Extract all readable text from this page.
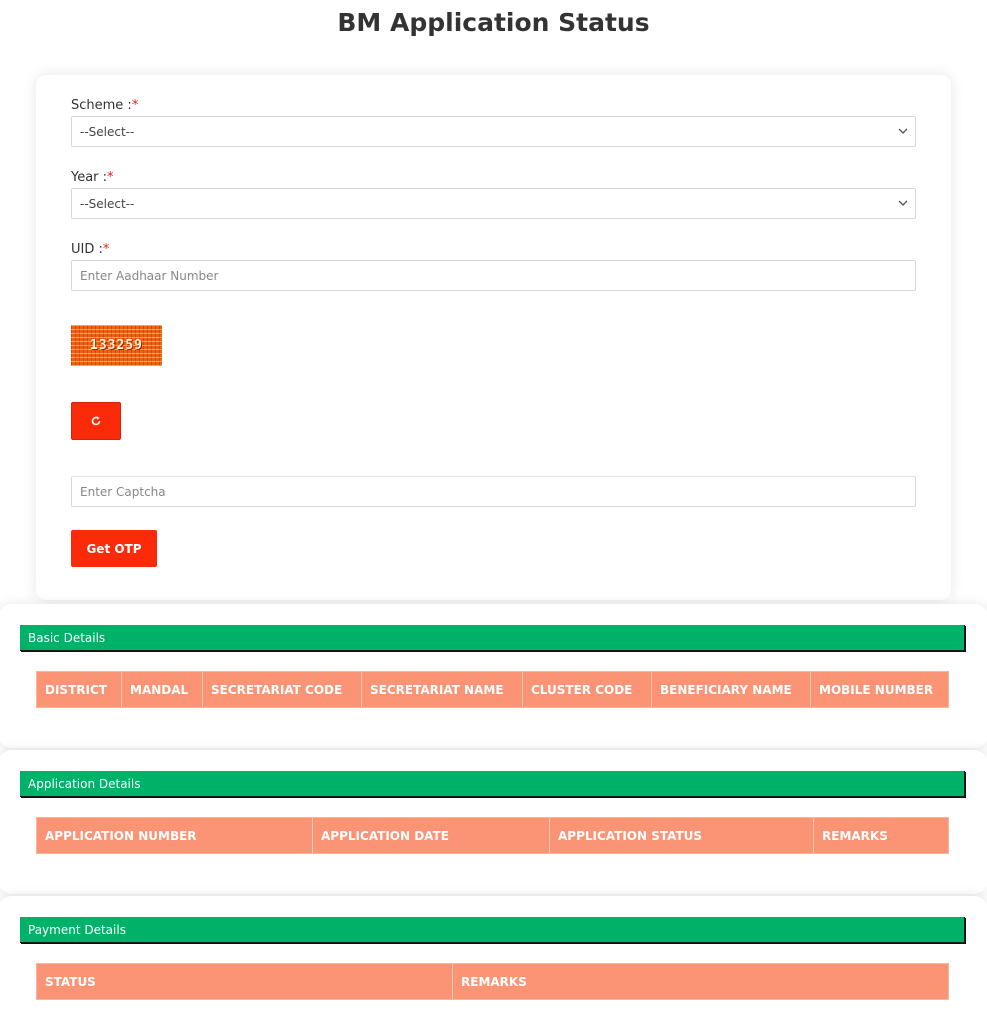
BM Application Status
Scheme :*
--Select--
Year :*
--Select--
UID :*
Enter Aadhaar Number
133259
Enter Captcha
Get OTP
Basic Details
DISTRICT	MANDAL	SECRETARIAT CODE	SECRETARIAT NAME	CLUSTER CODE	BENEFICIARY NAME	MOBILE NUMBER
Application Details
APPLICATION NUMBER	APPLICATION DATE	APPLICATION STATUS	REMARKS
Payment Details
STATUS	REMARKS
